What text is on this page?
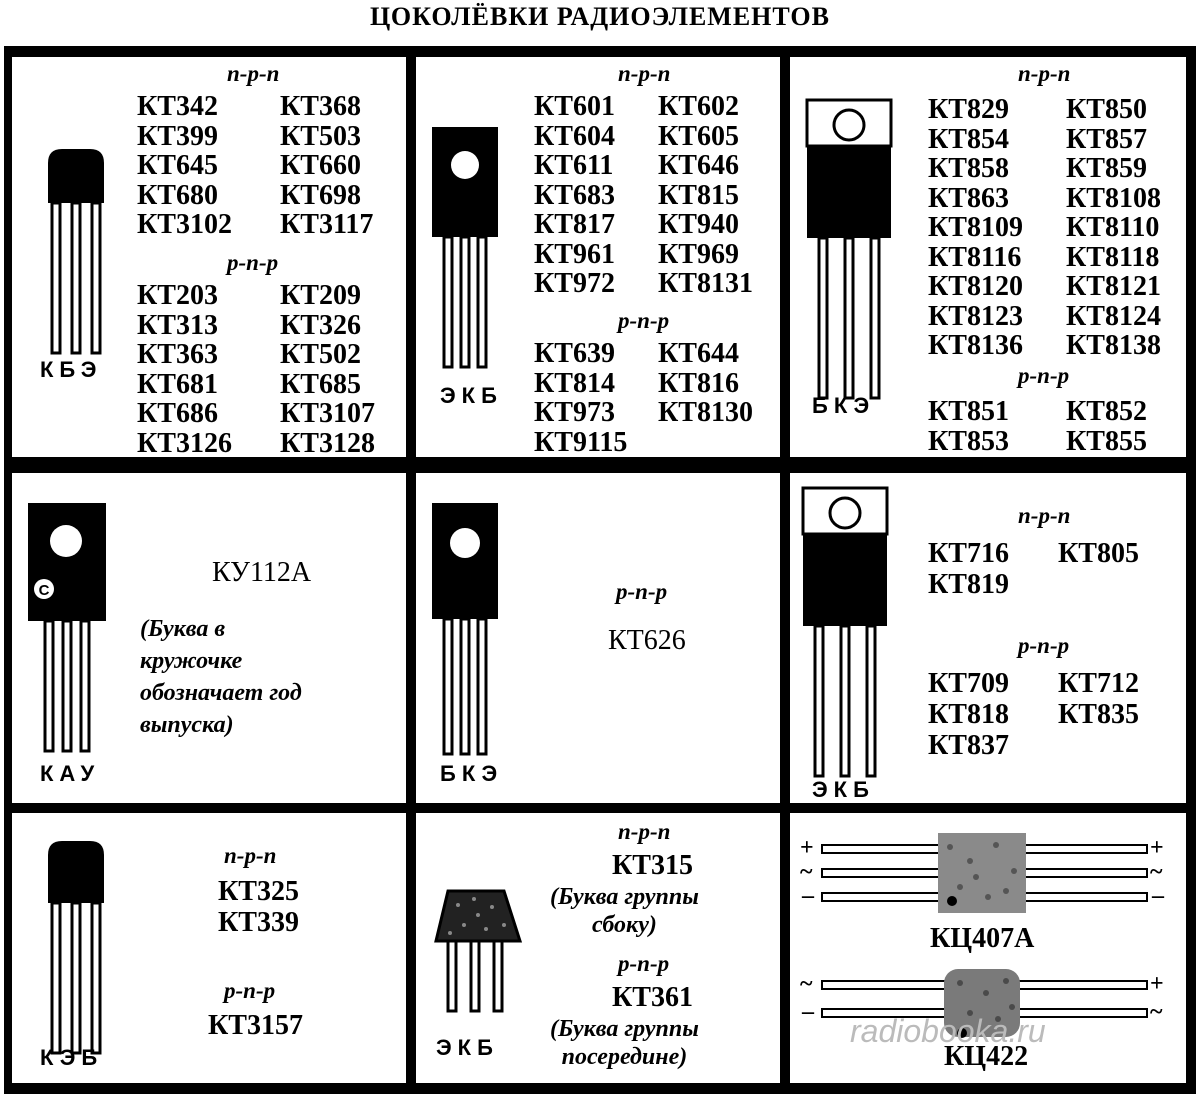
ЦОКОЛЁВКИ РАДИОЭЛЕМЕНТОВ
КБЭ
n-p-n
КТ342
КТ399
КТ645
КТ680
КТ3102
КТ368
КТ503
КТ660
КТ698
КТ3117
p-n-p
КТ203
КТ313
КТ363
КТ681
КТ686
КТ3126
КТ209
КТ326
КТ502
КТ685
КТ3107
КТ3128
ЭКБ
n-p-n
КТ601
КТ604
КТ611
КТ683
КТ817
КТ961
КТ972
КТ602
КТ605
КТ646
КТ815
КТ940
КТ969
КТ8131
p-n-p
КТ639
КТ814
КТ973
КТ9115
КТ644
КТ816
КТ8130	БКЭ
n-p-n
КТ829
КТ854
КТ858
КТ863
КТ8109
КТ8116
КТ8120
КТ8123
КТ8136
КТ850
КТ857
КТ859
КТ8108
КТ8110
КТ8118
КТ8121
КТ8124
КТ8138
p-n-p
КТ851
КТ853
КТ852
КТ855
С
КАУ
КУ112А
(Буква в
кружочке
обозначает год
выпуска)
БКЭ
p-n-p
КТ626
ЭКБ
n-p-n
КТ716 КТ805
КТ819
p-n-p
КТ709 КТ712
КТ818 КТ835
КТ837
КЭБ
n-p-n
КТ325
КТ339
p-n-p
КТ3157
ЭКБ
n-p-n
КТ315
(Буква группы
сбоку)
p-n-p
КТ361
(Буква группы
посередине)
+
~
–
+
~
–
КЦ407А
~
–
+
~
КЦ422
radiobooka.ru
